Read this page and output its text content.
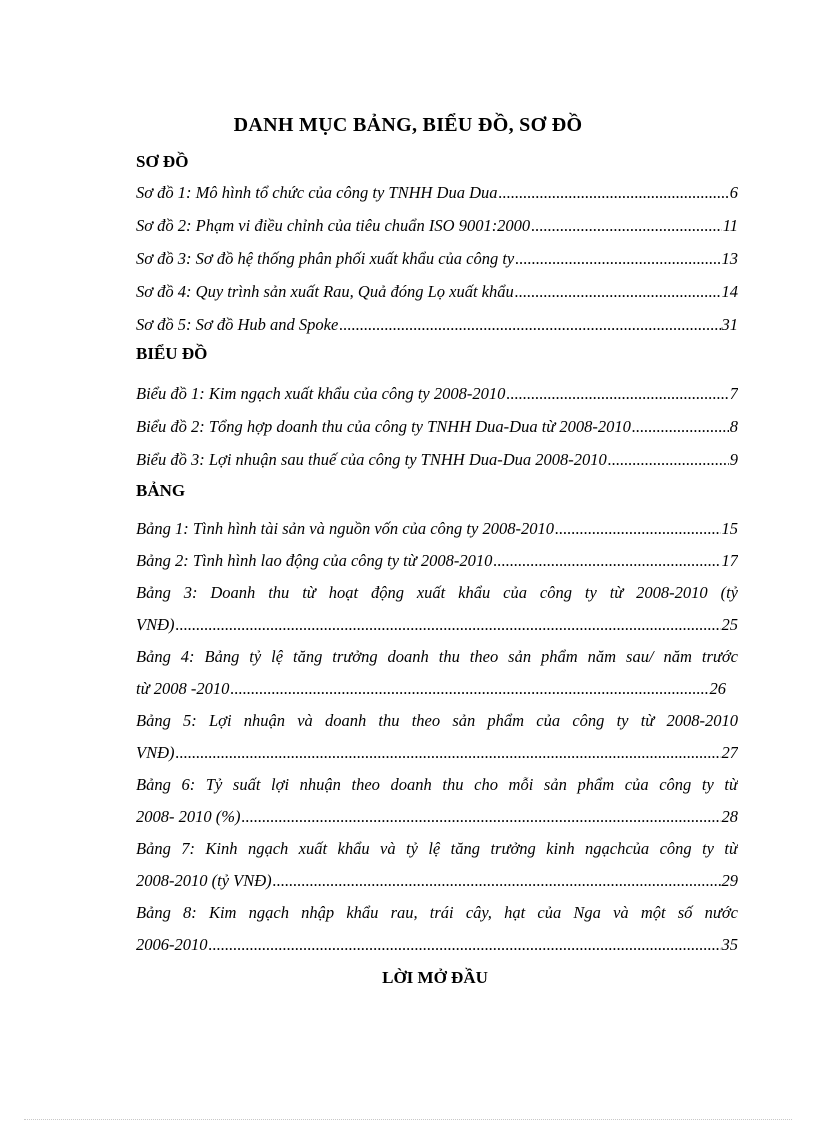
DANH MỤC BẢNG, BIỂU ĐỒ, SƠ ĐỒ
SƠ ĐỒ
Sơ đồ 1: Mô hình tổ chức của công ty TNHH Dua Dua .....	6
Sơ đồ 2: Phạm vi điều chỉnh của tiêu chuẩn ISO 9001:2000 .....	11
Sơ đồ 3: Sơ đồ hệ thống phân phối xuất khẩu của công ty .....	13
Sơ đồ 4: Quy trình sản xuất Rau, Quả đóng Lọ xuất khẩu .....	14
Sơ đồ 5: Sơ đồ Hub and Spoke .....	31
BIỂU ĐỒ
Biểu đồ 1: Kim ngạch xuất khẩu của công ty 2008-2010 .....	7
Biểu đồ 2: Tổng hợp doanh thu của công ty TNHH Dua-Dua từ 2008-2010 .....	8
Biểu đồ 3: Lợi nhuận sau thuế của công ty TNHH Dua-Dua 2008-2010 .....	9
BẢNG
Bảng 1: Tình hình tài sản và nguồn vốn của công ty 2008-2010 .....	15
Bảng 2: Tình hình lao động của công ty từ 2008-2010 .....	17
Bảng 3: Doanh thu từ hoạt động xuất khẩu của công ty từ 2008-2010 (tỷ
VNĐ) .....	25
Bảng 4: Bảng tỷ lệ tăng trưởng doanh thu theo sản phẩm năm sau/ năm trước
từ 2008 -2010 .....	26
Bảng 5: Lợi nhuận và doanh thu theo sản phẩm của công ty từ 2008-2010
VNĐ) .....	27
Bảng 6: Tỷ suất lợi nhuận theo doanh thu cho mỗi sản phẩm của công ty từ
2008- 2010 (%) .....	28
Bảng 7: Kinh ngạch xuất khẩu và tỷ lệ tăng trưởng kinh ngạchcủa công ty từ
2008-2010 (tỷ VNĐ) .....	29
Bảng 8: Kim ngạch nhập khẩu rau, trái cây, hạt của Nga và một số nước
2006-2010 .....	35
LỜI MỞ ĐẦU
